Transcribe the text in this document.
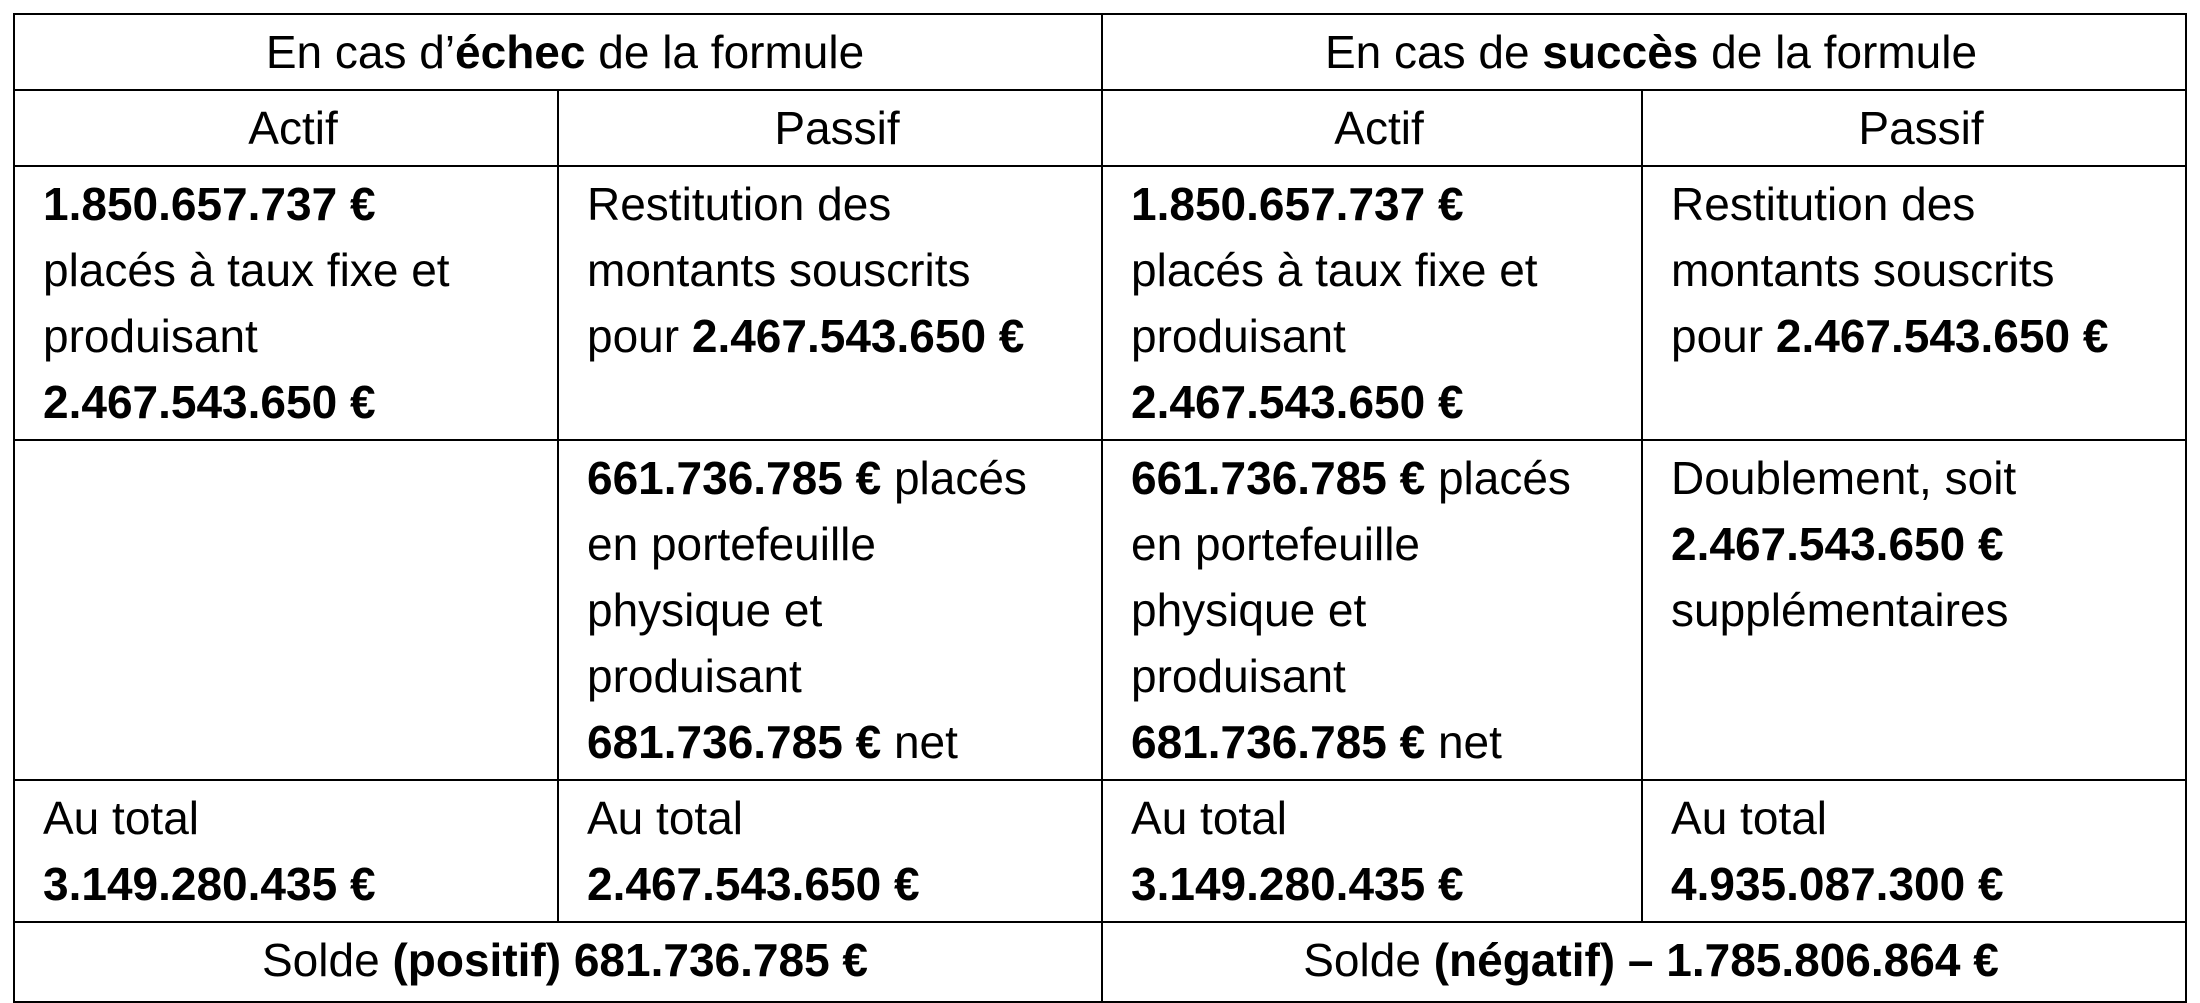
En cas d’échec de la formule		En cas de succès de la formule	
Actif	Passif	Actif	Passif

1.850.657.737 €
placés à taux fixe et
produisant
2.467.543.650 €	Restitution des
montants souscrits
pour 2.467.543.650 €	1.850.657.737 €
placés à taux fixe et
produisant
2.467.543.650 €	Restitution des
montants souscrits
pour 2.467.543.650 €

	661.736.785 € placés
en portefeuille
physique et
produisant
681.736.785 € net	661.736.785 € placés
en portefeuille
physique et
produisant
681.736.785 € net	Doublement, soit
2.467.543.650 €
supplémentaires

Au total
3.149.280.435 €	Au total
2.467.543.650 €	Au total
3.149.280.435 €	Au total
4.935.087.300 €

Solde (positif) 681.736.785 €		Solde (négatif) – 1.785.806.864 €	
